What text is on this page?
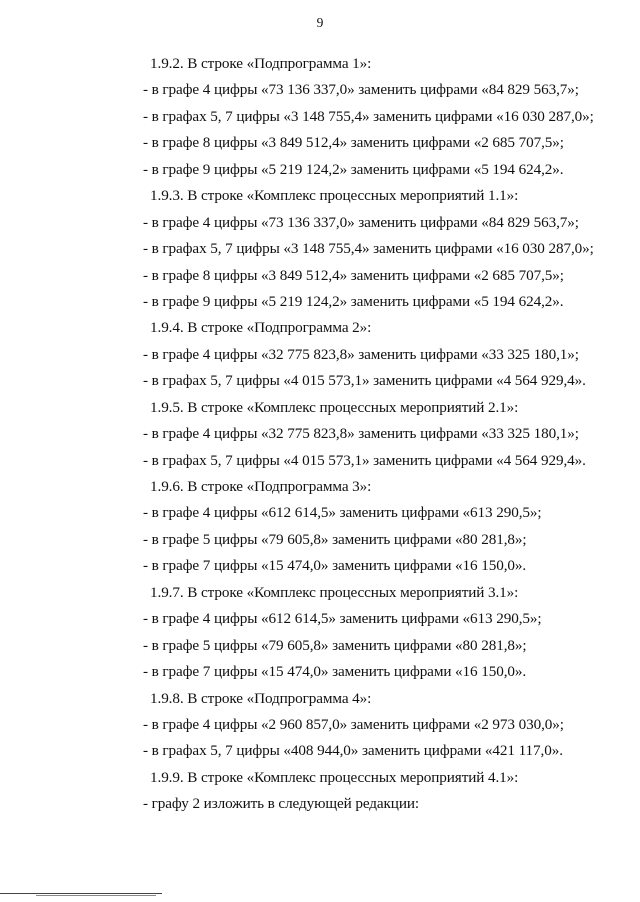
9
1.9.2. В строке «Подпрограмма 1»:
- в графе 4 цифры «73 136 337,0» заменить цифрами «84 829 563,7»;
- в графах 5, 7 цифры «3 148 755,4» заменить цифрами «16 030 287,0»;
- в графе 8 цифры «3 849 512,4» заменить цифрами «2 685 707,5»;
- в графе 9 цифры «5 219 124,2» заменить цифрами «5 194 624,2».
1.9.3. В строке «Комплекс процессных мероприятий 1.1»:
- в графе 4 цифры «73 136 337,0» заменить цифрами «84 829 563,7»;
- в графах 5, 7 цифры «3 148 755,4» заменить цифрами «16 030 287,0»;
- в графе 8 цифры «3 849 512,4» заменить цифрами «2 685 707,5»;
- в графе 9 цифры «5 219 124,2» заменить цифрами «5 194 624,2».
1.9.4. В строке «Подпрограмма 2»:
- в графе 4 цифры «32 775 823,8» заменить цифрами «33 325 180,1»;
- в графах 5, 7 цифры «4 015 573,1» заменить цифрами «4 564 929,4».
1.9.5. В строке «Комплекс процессных мероприятий 2.1»:
- в графе 4 цифры «32 775 823,8» заменить цифрами «33 325 180,1»;
- в графах 5, 7 цифры «4 015 573,1» заменить цифрами «4 564 929,4».
1.9.6. В строке «Подпрограмма 3»:
- в графе 4 цифры «612 614,5» заменить цифрами «613 290,5»;
- в графе 5 цифры «79 605,8» заменить цифрами «80 281,8»;
- в графе 7 цифры «15 474,0» заменить цифрами «16 150,0».
1.9.7. В строке «Комплекс процессных мероприятий 3.1»:
- в графе 4 цифры «612 614,5» заменить цифрами «613 290,5»;
- в графе 5 цифры «79 605,8» заменить цифрами «80 281,8»;
- в графе 7 цифры «15 474,0» заменить цифрами «16 150,0».
1.9.8. В строке «Подпрограмма 4»:
- в графе 4 цифры «2 960 857,0» заменить цифрами «2 973 030,0»;
- в графах 5, 7 цифры «408 944,0» заменить цифрами «421 117,0».
1.9.9. В строке «Комплекс процессных мероприятий 4.1»:
- графу 2 изложить в следующей редакции:
